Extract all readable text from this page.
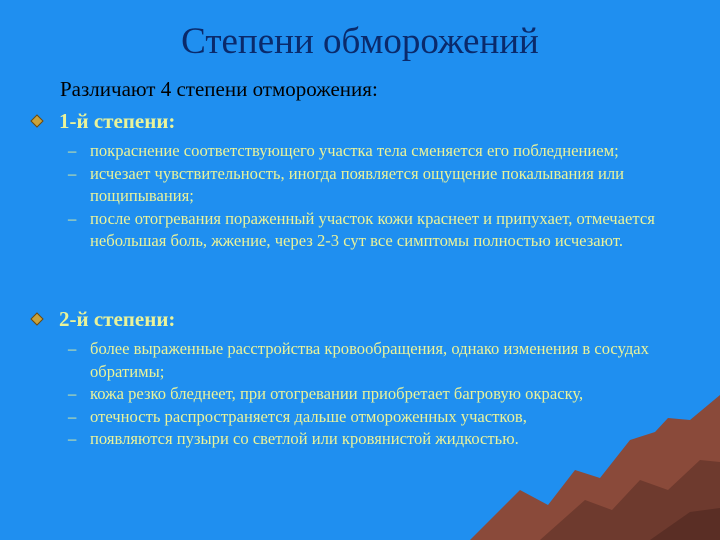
Степени обморожений
Различают 4 степени отморожения:
1-й степени:
– покраснение соответствующего участка тела сменяется его побледнением;
– исчезает чувствительность, иногда появляется ощущение покалывания или пощипывания;
– после отогревания пораженный участок кожи краснеет и припухает, отмечается небольшая боль, жжение, через 2-3 сут все симптомы полностью исчезают.
2-й степени:
– более выраженные расстройства кровообращения, однако изменения в сосудах обратимы;
– кожа резко бледнеет, при отогревании приобретает багровую окраску,
– отечность распространяется дальше отмороженных участков,
– появляются пузыри со светлой или кровянистой жидкостью.
